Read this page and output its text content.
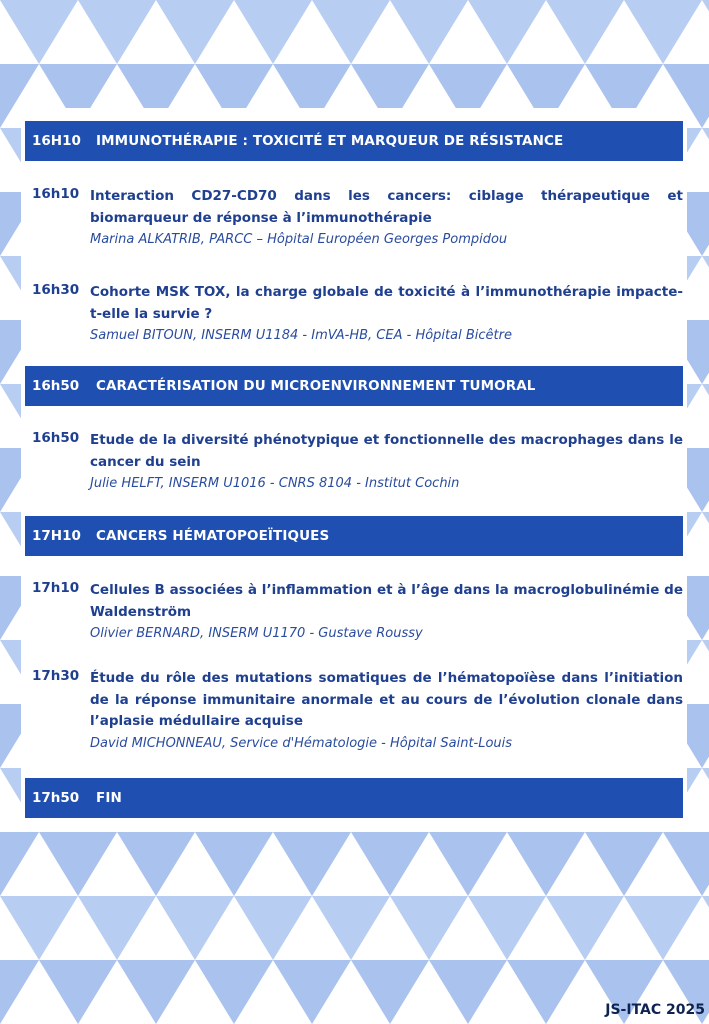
16H10	IMMUNOTHÉRAPIE : TOXICITÉ ET MARQUEUR DE RÉSISTANCE
16h10 Interaction CD27-CD70 dans les cancers: ciblage thérapeutique et biomarqueur de réponse à l’immunothérapie
Marina ALKATRIB, PARCC – Hôpital Européen Georges Pompidou
16h30 Cohorte MSK TOX, la charge globale de toxicité à l’immunothérapie impacte-t-elle la survie ?
Samuel BITOUN, INSERM U1184 - ImVA-HB, CEA - Hôpital Bicêtre
16h50	CARACTÉRISATION DU MICROENVIRONNEMENT TUMORAL
16h50 Etude de la diversité phénotypique et fonctionnelle des macrophages dans le cancer du sein
Julie HELFT, INSERM U1016 - CNRS 8104 - Institut Cochin
17H10	CANCERS HÉMATOPOEÏTIQUES
17h10 Cellules B associées à l’inflammation et à l’âge dans la macroglobulinémie de Waldenström
Olivier BERNARD, INSERM U1170 - Gustave Roussy
17h30 Étude du rôle des mutations somatiques de l’hématopoïèse dans l’initiation de la réponse immunitaire anormale et au cours de l’évolution clonale dans l’aplasie médullaire acquise
David MICHONNEAU, Service d'Hématologie - Hôpital Saint-Louis
17h50	FIN
JS-ITAC 2025
